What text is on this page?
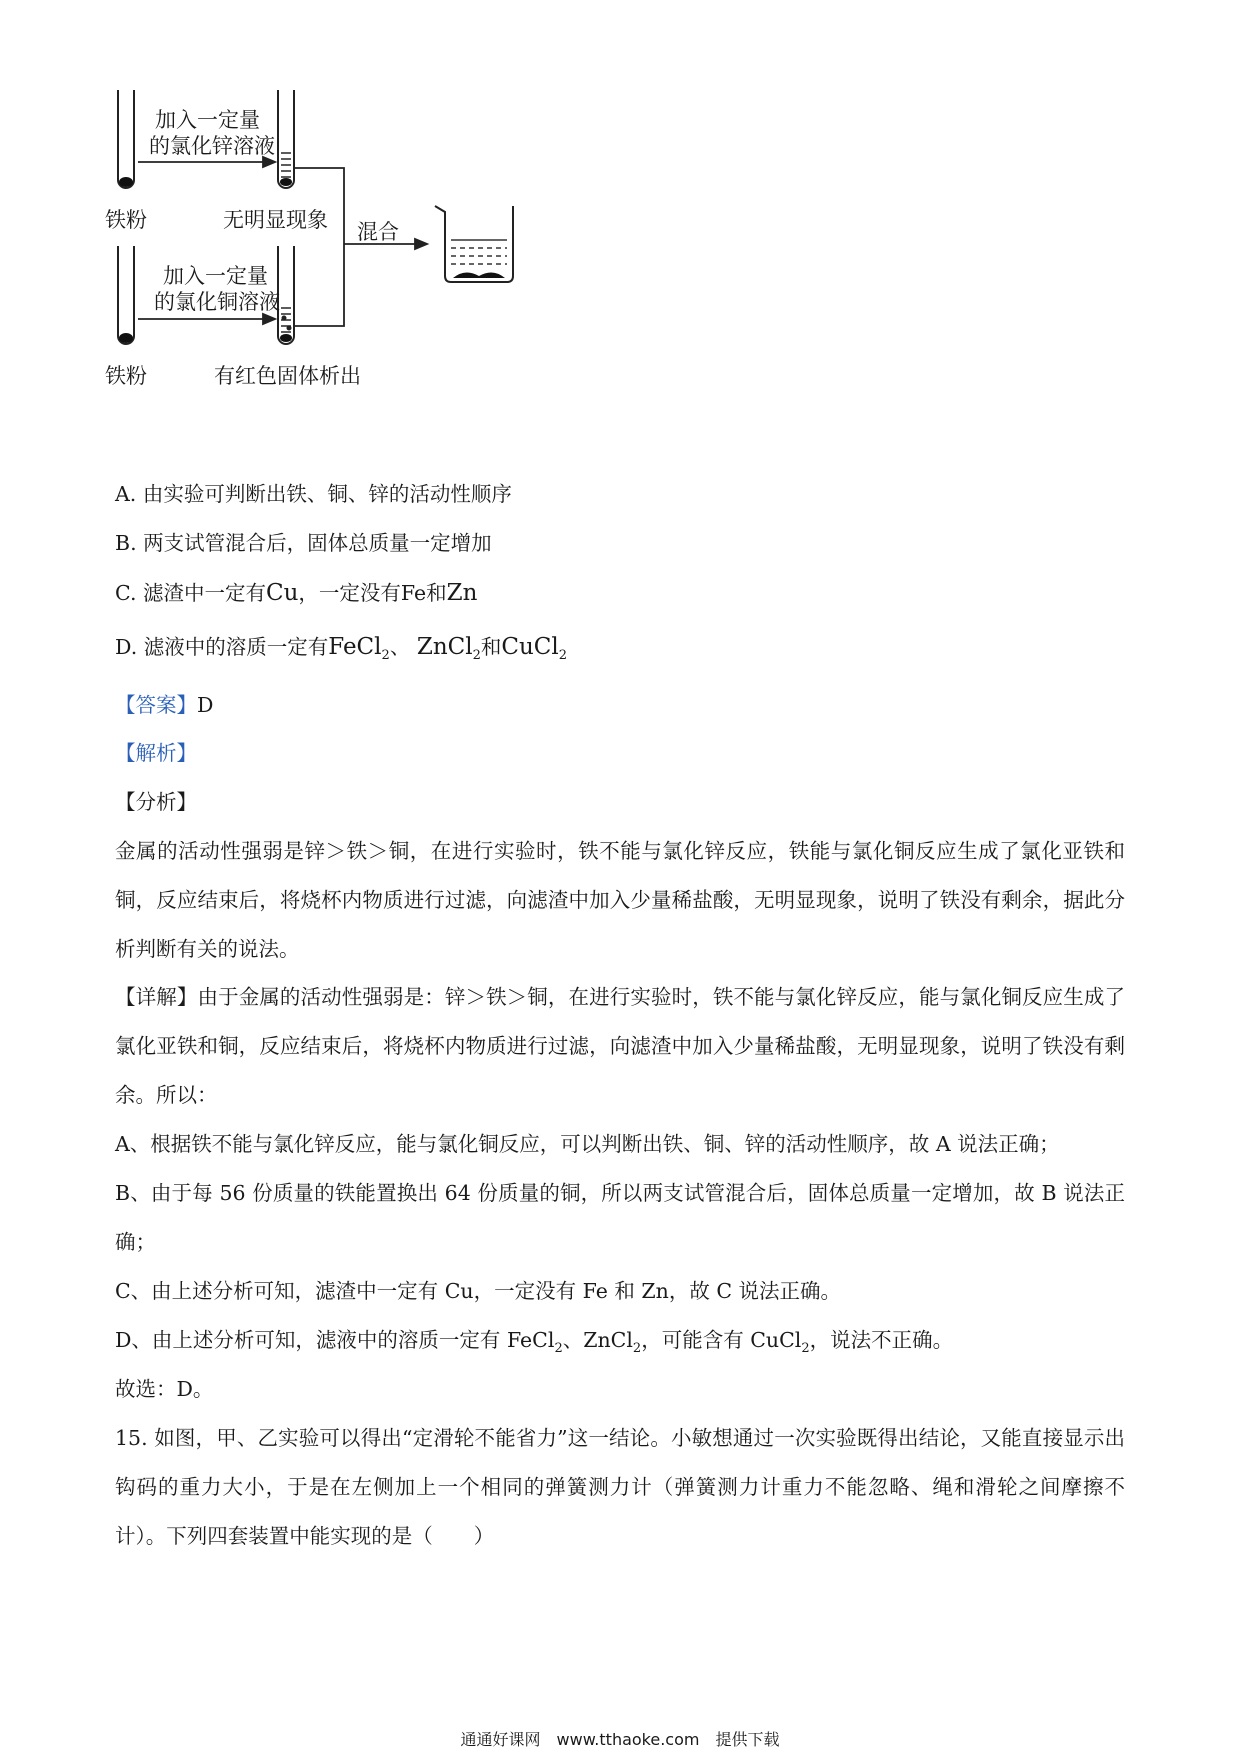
铁粉
加入一定量
的氯化锌溶液
无明显现象
铁粉
加入一定量
的氯化铜溶液
有红色固体析出
混合
A. 由实验可判断出铁、铜、锌的活动性顺序
B. 两支试管混合后，固体总质量一定增加
C. 滤渣中一定有Cu，一定没有Fe和Zn
D. 滤液中的溶质一定有FeCl$_2$、 ZnCl$_2$和CuCl$_2$
【答案】D
【解析】
【分析】
金属的活动性强弱是锌＞铁＞铜，在进行实验时，铁不能与氯化锌反应，铁能与氯化铜反应生成了氯化亚铁和铜，反应结束后，将烧杯内物质进行过滤，向滤渣中加入少量稀盐酸，无明显现象，说明了铁没有剩余，据此分析判断有关的说法。
【详解】由于金属的活动性强弱是：锌＞铁＞铜，在进行实验时，铁不能与氯化锌反应，能与氯化铜反应生成了氯化亚铁和铜，反应结束后，将烧杯内物质进行过滤，向滤渣中加入少量稀盐酸，无明显现象，说明了铁没有剩余。所以：
A、根据铁不能与氯化锌反应，能与氯化铜反应，可以判断出铁、铜、锌的活动性顺序，故 A 说法正确；
B、由于每 56 份质量的铁能置换出 64 份质量的铜，所以两支试管混合后，固体总质量一定增加，故 B 说法正确；
C、由上述分析可知，滤渣中一定有 Cu，一定没有 Fe 和 Zn，故 C 说法正确。
D、由上述分析可知，滤液中的溶质一定有 FeCl$_2$、ZnCl$_2$，可能含有 CuCl$_2$，说法不正确。
故选：D。
15. 如图，甲、乙实验可以得出“定滑轮不能省力”这一结论。小敏想通过一次实验既得出结论，又能直接显示出钩码的重力大小，于是在左侧加上一个相同的弹簧测力计（弹簧测力计重力不能忽略、绳和滑轮之间摩擦不计）。下列四套装置中能实现的是（　　）
通通好课网　www.tthaoke.com　提供下载
